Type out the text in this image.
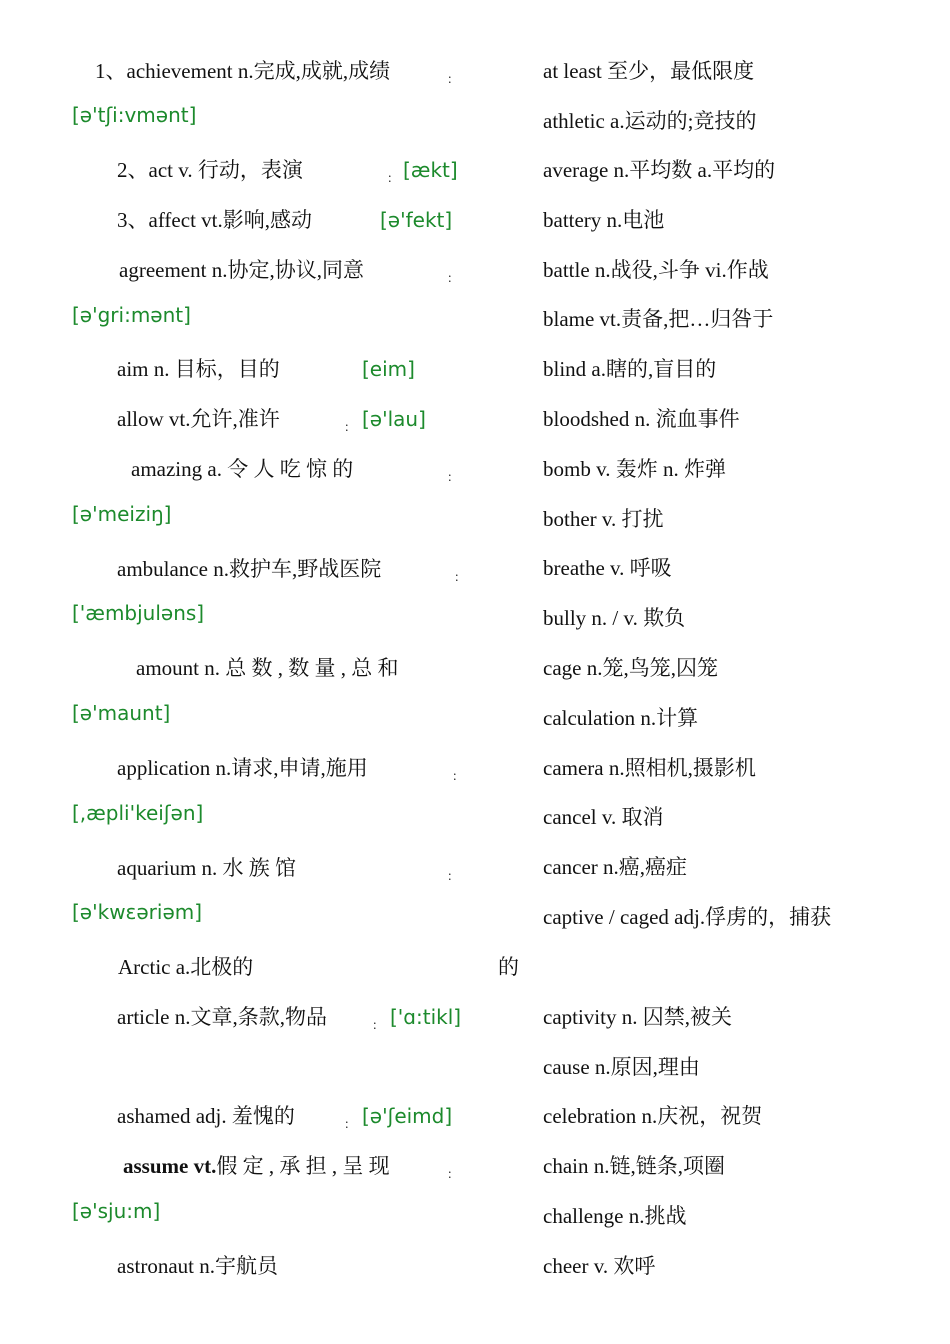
1、achievement n.完成,成就,成绩	：
[ə'tʃi:vmənt]
2、act v. 行动，表演	： [ækt]
3、affect vt.影响,感动	[ə'fekt]
agreement n.协定,协议,同意	：
[ə'gri:mənt]
aim n. 目标，目的	[eim]
allow vt.允许,准许	： [ə'lau]
amazing a. 令 人 吃 惊 的	：
[ə'meiziŋ]
ambulance n.救护车,野战医院	：
['æmbjuləns]
amount n. 总 数 , 数 量 , 总 和
[ə'maunt]
application n.请求,申请,施用	：
[,æpli'keiʃən]
aquarium n. 水 族 馆	：
[ə'kwɛəriəm]
Arctic a.北极的
article n.文章,条款,物品	： ['ɑ:tikl]
ashamed adj. 羞愧的	： [ə'ʃeimd]
assume vt.假 定 , 承 担 , 呈 现	：
[ə'sju:m]
astronaut n.宇航员
at least 至少，最低限度
athletic a.运动的;竞技的
average n.平均数 a.平均的
battery n.电池
battle n.战役,斗争 vi.作战
blame vt.责备,把…归咎于
blind a.瞎的,盲目的
bloodshed n. 流血事件
bomb v. 轰炸 n. 炸弹
bother v. 打扰
breathe v. 呼吸
bully n. / v. 欺负
cage n.笼,鸟笼,囚笼
calculation n.计算
camera n.照相机,摄影机
cancel v. 取消
cancer n.癌,癌症
captive / caged adj.俘虏的，捕获
的
captivity n. 囚禁,被关
cause n.原因,理由
celebration n.庆祝，祝贺
chain n.链,链条,项圈
challenge n.挑战
cheer v. 欢呼
